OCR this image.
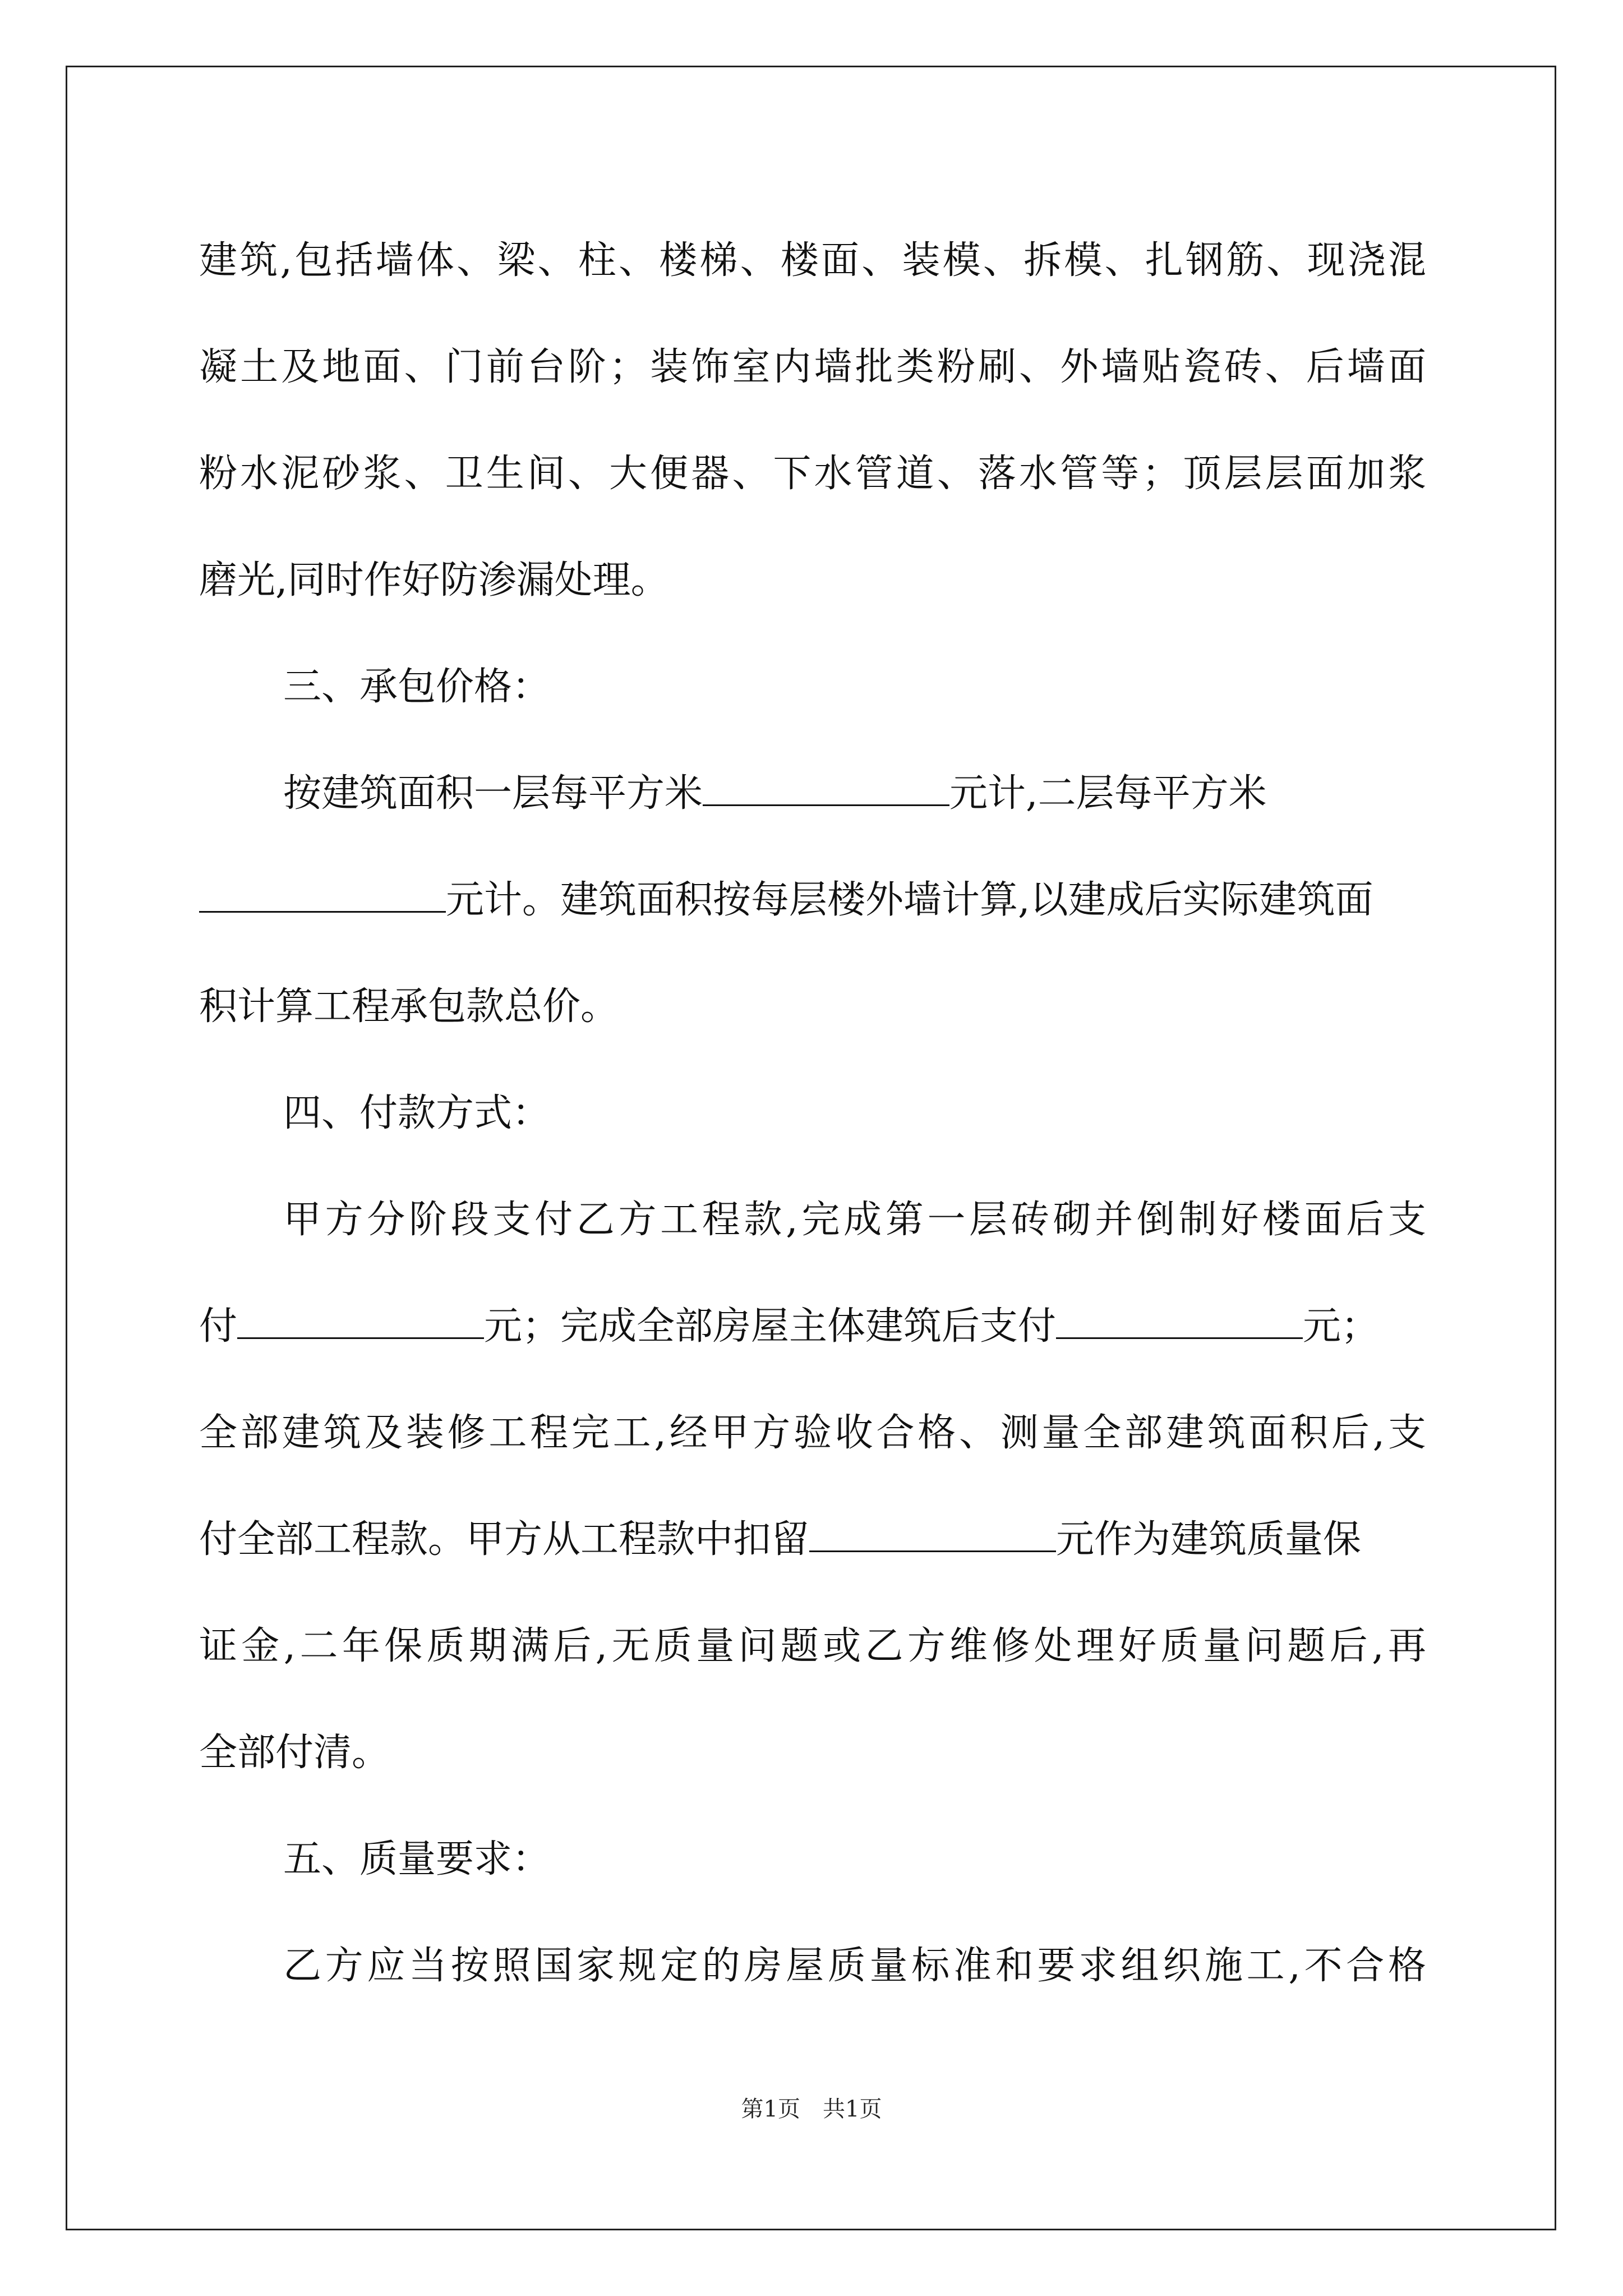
建筑,包括墙体、梁、柱、楼梯、楼面、装模、拆模、扎钢筋、现浇混
凝土及地面、门前台阶；装饰室内墙批类粉刷、外墙贴瓷砖、后墙面
粉水泥砂浆、卫生间、大便器、下水管道、落水管等；顶层层面加浆
磨光,同时作好防渗漏处理。
三、承包价格：
按建筑面积一层每平方米	元计,二层每平方米
元计。建筑面积按每层楼外墙计算,以建成后实际建筑面
积计算工程承包款总价。
四、付款方式：
甲方分阶段支付乙方工程款,完成第一层砖砌并倒制好楼面后支
付	元；完成全部房屋主体建筑后支付	元；
全部建筑及装修工程完工,经甲方验收合格、测量全部建筑面积后,支
付全部工程款。甲方从工程款中扣留	元作为建筑质量保
证金,二年保质期满后,无质量问题或乙方维修处理好质量问题后,再
全部付清。
五、质量要求：
乙方应当按照国家规定的房屋质量标准和要求组织施工,不合格
第1页　共1页
